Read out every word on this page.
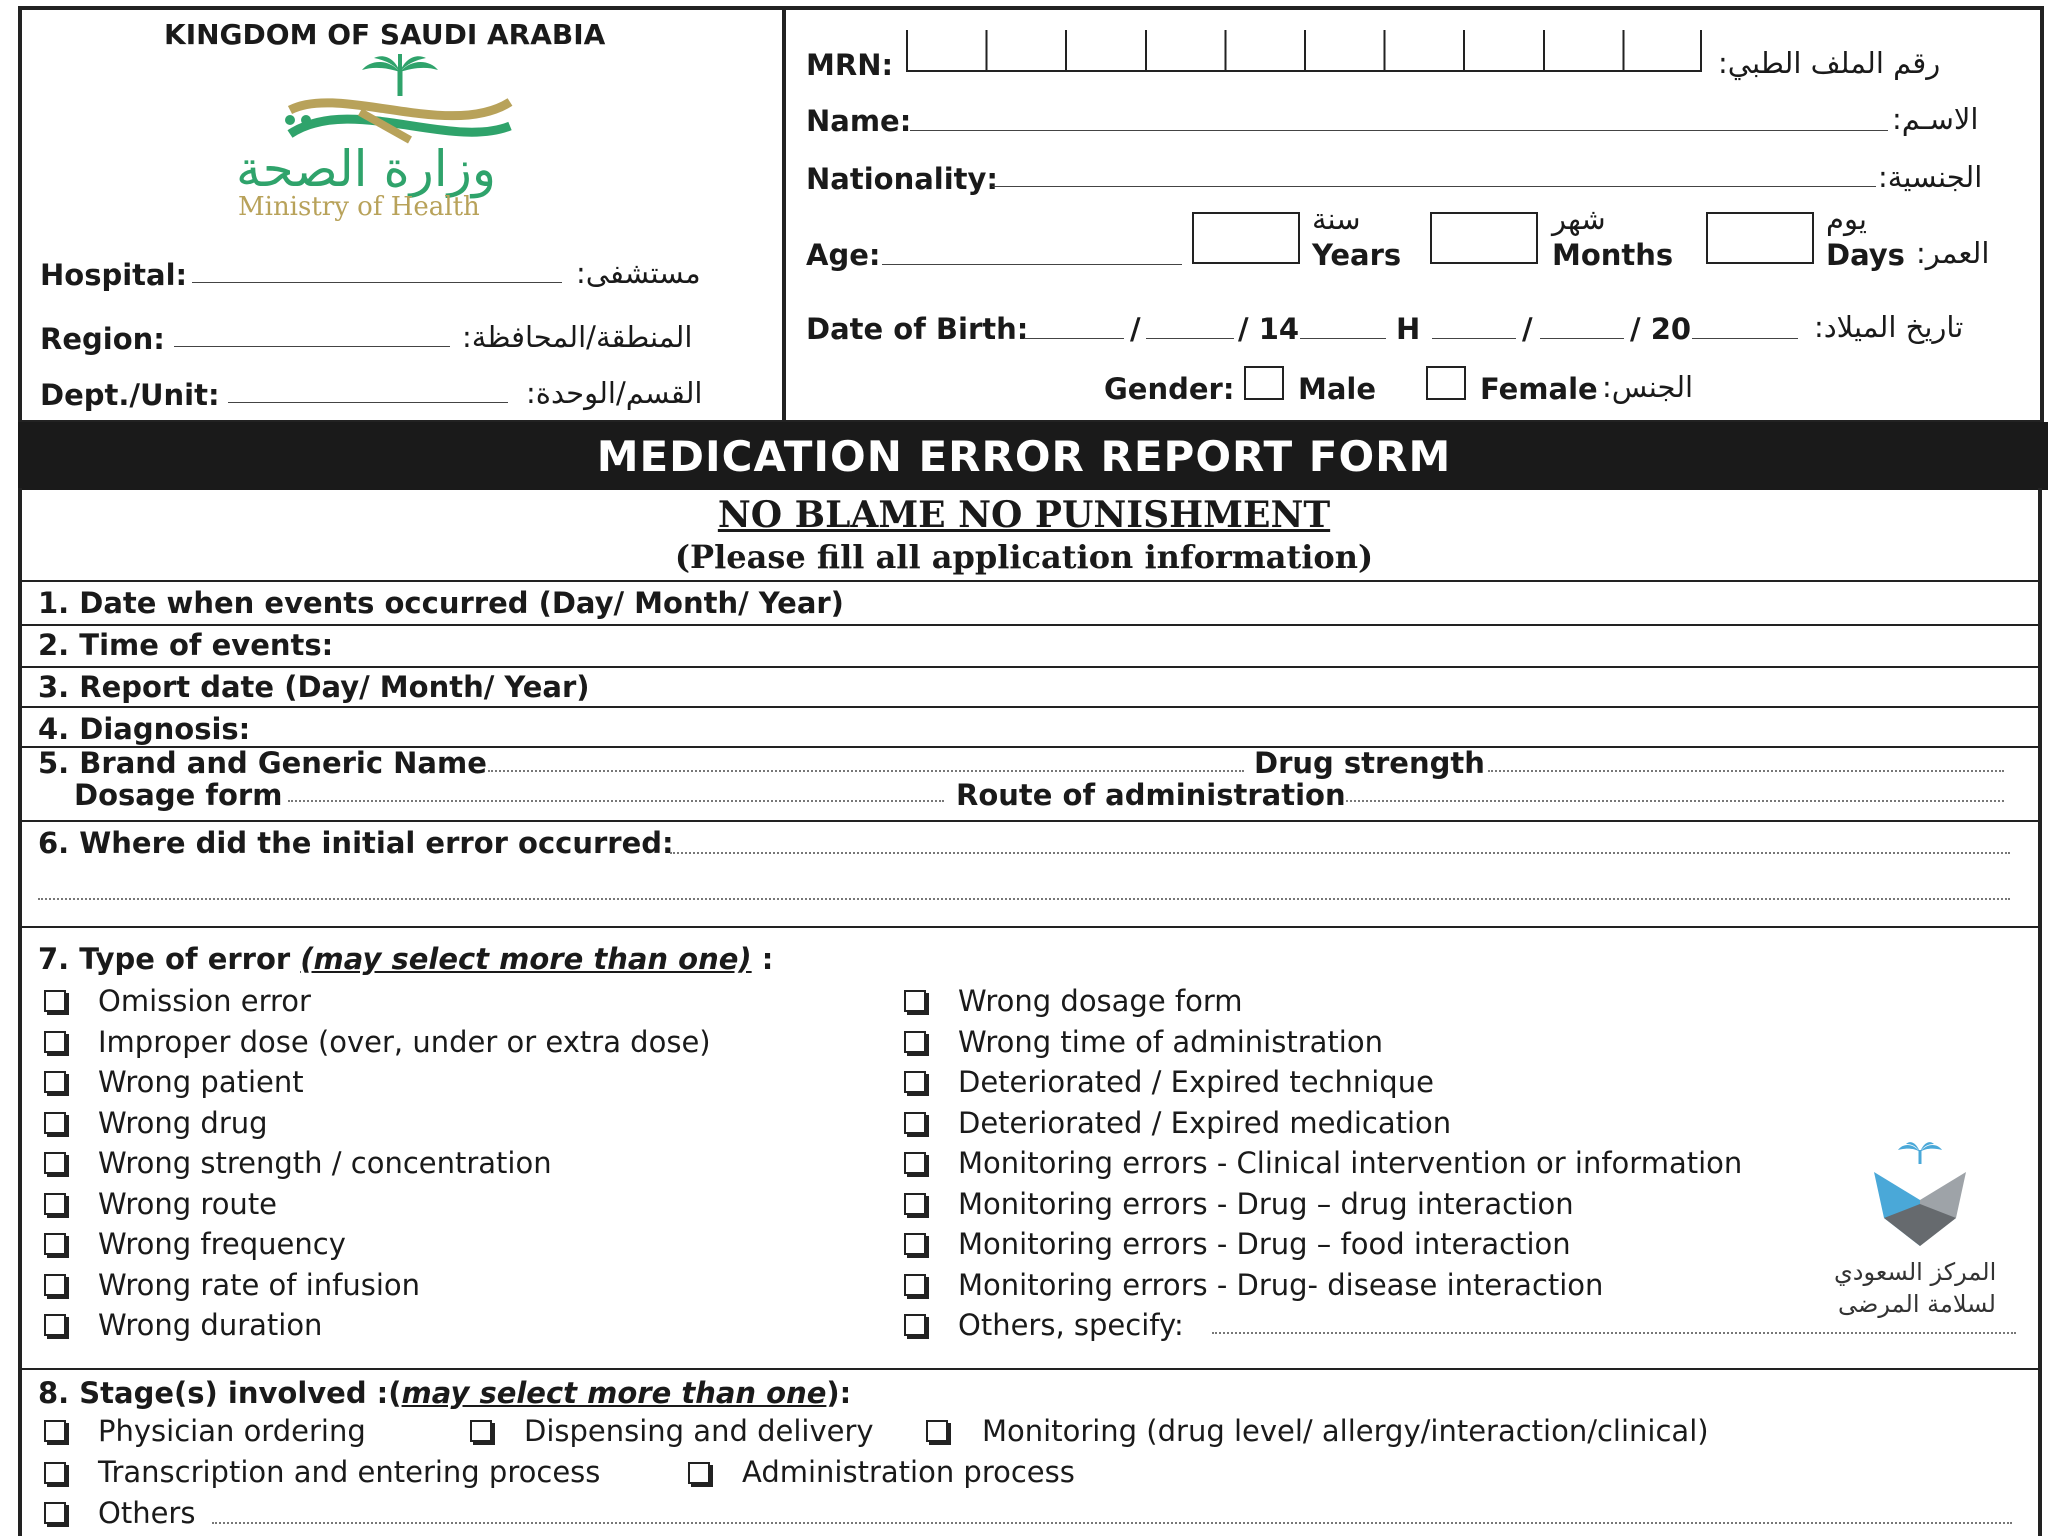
KINGDOM OF SAUDI ARABIA
وزارة الصحة
Ministry of Health
Hospital:	مستشفى:
Region:	المنطقة/المحافظة:
Dept./Unit:	القسم/الوحدة:
MRN:	رقم الملف الطبي:
Name:	الاسـم:
Nationality:	الجنسية:
Age:
سنة
Years
شهر
Months
يوم
Days العمر:
Date of Birth:	/	/ 14	H	/	/ 20	تاريخ الميلاد:
Gender: Male	Female الجنس:
MEDICATION ERROR REPORT FORM
NO BLAME NO PUNISHMENT
(Please fill all application information)
1. Date when events occurred (Day/ Month/ Year)
2. Time of events:
3. Report date (Day/ Month/ Year)
4. Diagnosis:
5. Brand and Generic Name	Drug strength
Dosage form	Route of administration
6. Where did the initial error occurred:
7. Type of error (may select more than one) :
Omission error
Improper dose (over, under or extra dose)
Wrong patient
Wrong drug
Wrong strength / concentration
Wrong route
Wrong frequency
Wrong rate of infusion
Wrong duration
Wrong dosage form
Wrong time of administration
Deteriorated / Expired technique
Deteriorated / Expired medication
Monitoring errors - Clinical intervention or information
Monitoring errors - Drug – drug interaction
Monitoring errors - Drug – food interaction
Monitoring errors - Drug- disease interaction
Others, specify:
المركز السعودي
لسلامة المرضى
8. Stage(s) involved :(may select more than one):
Physician ordering	Dispensing and delivery	Monitoring (drug level/ allergy/interaction/clinical)
Transcription and entering process	Administration process
Others
